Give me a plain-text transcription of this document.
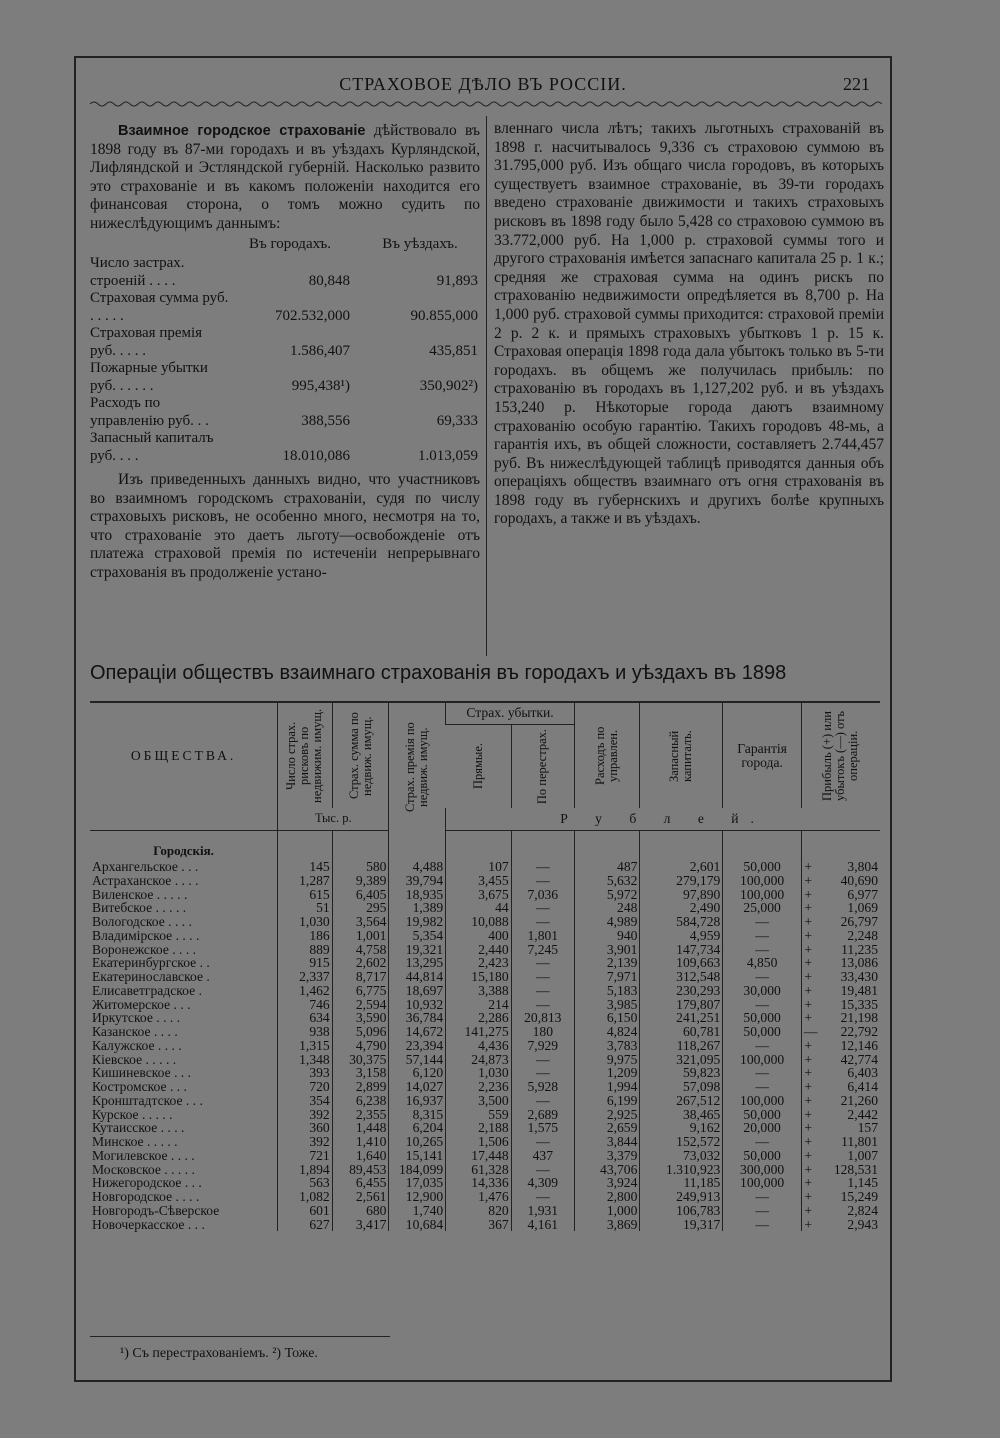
СТРАХОВОЕ ДѢЛО ВЪ РОССІИ.	221

Взаимное городское страхованіе дѣйствовало въ 1898 году въ 87-ми городахъ и въ уѣздахъ Курляндской, Лифляндской и Эстляндской губерній. Насколько развито это страхованіе и въ какомъ положеніи находится его финансовая сторона, о томъ можно судить по нижеслѣдующимъ даннымъ:

	Въ городахъ.	Въ уѣздахъ.
Число застрах. строеній . . . .	80,848	91,893
Страховая сумма руб. . . . . .	702.532,000	90.855,000
Страховая премія руб. . . . .	1.586,407	435,851
Пожарные убытки руб. . . . . .	995,438¹)	350,902²)
Расходъ по управленію руб. . .	388,556	69,333
Запасный капиталъ руб. . . .	18.010,086	1.013,059

Изъ приведенныхъ данныхъ видно, что участниковъ во взаимномъ городскомъ страхованіи, судя по числу страховыхъ рисковъ, не особенно много, несмотря на то, что страхованіе это даетъ льготу—освобожденіе отъ платежа страховой премія по истеченіи непрерывнаго страхованія въ продолженіе устано-

вленнаго числа лѣтъ; такихъ льготныхъ страхованій въ 1898 г. насчитывалось 9,336 съ страховою суммою въ 31.795,000 руб. Изъ общаго числа городовъ, въ которыхъ существуетъ взаимное страхованіе, въ 39-ти городахъ введено страхованіе движимости и такихъ страховыхъ рисковъ въ 1898 году было 5,428 со страховою суммою въ 33.772,000 руб. На 1,000 р. страховой суммы того и другого страхованія имѣется запаснаго капитала 25 р. 1 к.; средняя же страховая сумма на одинъ рискъ по страхованію недвижимости опредѣляется въ 8,700 р. На 1,000 руб. страховой суммы приходится: страховой преміи 2 р. 2 к. и прямыхъ страховыхъ убытковъ 1 р. 15 к. Страховая операція 1898 года дала убытокъ только въ 5-ти городахъ. въ общемъ же получилась прибыль: по страхованію въ городахъ въ 1,127,202 руб. и въ уѣздахъ 153,240 р. Нѣкоторые города даютъ взаимному страхованію особую гарантію. Такихъ городовъ 48-мь, а гарантія ихъ, въ общей сложности, составляетъ 2.744,457 руб. Въ нижеслѣдующей таблицѣ приводятся данныя объ операціяхъ обществъ взаимнаго отъ огня страхованія въ 1898 году въ губернскихъ и другихъ болѣе крупныхъ городахъ, а также и въ уѣздахъ.

Операціи обществъ взаимнаго страхованія въ городахъ и уѣздахъ въ 1898
ОБЩЕСТВА.	Число страх. рисковъ по недвижим. имущ.	Страх. сумма по недвиж. имущ.	Страх. премія по недвиж. имущ.	Страх. убытки.		Расходъ по управлен.	Запасный капиталъ.	Гарантія города.	Прибыль (+) или убытокъ (—) отъ операціи.	

				Прямые.	По перестрах.					

	Тыс. р.			Р у б л е й.						
Городскія.										
Архангельское . . .	145	580	4,488	107	—	487	2,601	50,000	+	3,804
Астраханское . . . .	1,287	9,389	39,794	3,455	—	5,632	279,179	100,000	+	40,690
Виленское . . . . .	615	6,405	18,935	3,675	7,036	5,972	97,890	100,000	+	6,977
Витебское . . . . .	51	295	1,389	44	—	248	2,490	25,000	+	1,069
Вологодское . . . .	1,030	3,564	19,982	10,088	—	4,989	584,728	—	+	26,797
Владимірское . . . .	186	1,001	5,354	400	1,801	940	4,959	—	+	2,248
Воронежское . . . .	889	4,758	19,321	2,440	7,245	3,901	147,734	—	+	11,235
Екатеринбургское . .	915	2,602	13,295	2,423	—	2,139	109,663	4,850	+	13,086
Екатеринославское .	2,337	8,717	44,814	15,180	—	7,971	312,548	—	+	33,430
Елисаветградское .	1,462	6,775	18,697	3,388	—	5,183	230,293	30,000	+	19,481
Житомерское . . .	746	2,594	10,932	214	—	3,985	179,807	—	+	15,335
Иркутское . . . .	634	3,590	36,784	2,286	20,813	6,150	241,251	50,000	+	21,198
Казанское . . . .	938	5,096	14,672	141,275	180	4,824	60,781	50,000	—	22,792
Калужское . . . .	1,315	4,790	23,394	4,436	7,929	3,783	118,267	—	+	12,146
Кіевское . . . . .	1,348	30,375	57,144	24,873	—	9,975	321,095	100,000	+	42,774
Кишиневское . . .	393	3,158	6,120	1,030	—	1,209	59,823	—	+	6,403
Костромское . . .	720	2,899	14,027	2,236	5,928	1,994	57,098	—	+	6,414
Кронштадтское . . .	354	6,238	16,937	3,500	—	6,199	267,512	100,000	+	21,260
Курское . . . . .	392	2,355	8,315	559	2,689	2,925	38,465	50,000	+	2,442
Кутаисское . . . .	360	1,448	6,204	2,188	1,575	2,659	9,162	20,000	+	157
Минское . . . . .	392	1,410	10,265	1,506	—	3,844	152,572	—	+	11,801
Могилевское . . . .	721	1,640	15,141	17,448	437	3,379	73,032	50,000	+	1,007
Московское . . . . .	1,894	89,453	184,099	61,328	—	43,706	1.310,923	300,000	+	128,531
Нижегородское . . .	563	6,455	17,035	14,336	4,309	3,924	11,185	100,000	+	1,145
Новгородское . . . .	1,082	2,561	12,900	1,476	—	2,800	249,913	—	+	15,249
Новгородъ-Сѣверское	601	680	1,740	820	1,931	1,000	106,783	—	+	2,824
Новочеркасское . . .	627	3,417	10,684	367	4,161	3,869	19,317	—	+	2,943
¹) Съ перестрахованіемъ. ²) Тоже.
